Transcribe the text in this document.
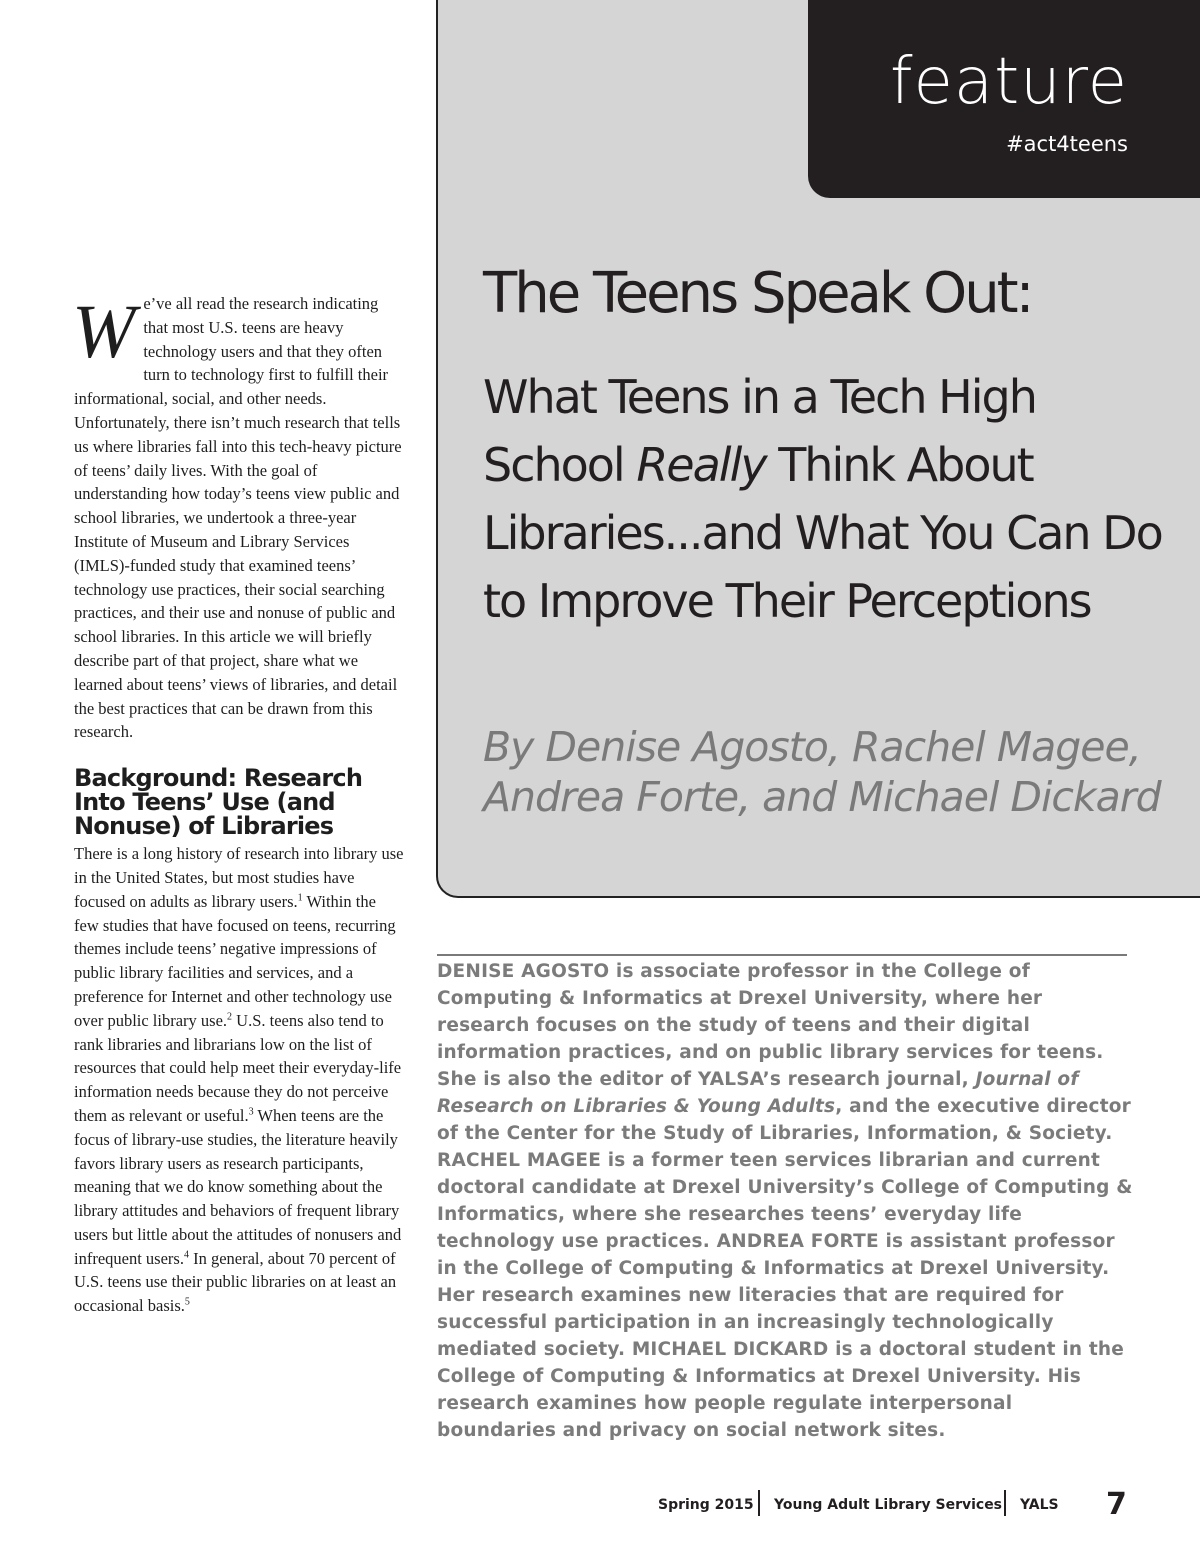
feature

#act4teens

The Teens Speak Out:
What Teens in a Tech High School Really Think About Libraries...and What You Can Do to Improve Their Perceptions

By Denise Agosto, Rachel Magee, Andrea Forte, and Michael Dickard

DENISE AGOSTO is associate professor in the College of Computing & Informatics at Drexel University, where her research focuses on the study of teens and their digital information practices, and on public library services for teens. She is also the editor of YALSA’s research journal, Journal of Research on Libraries & Young Adults, and the executive director of the Center for the Study of Libraries, Information, & Society. RACHEL MAGEE is a former teen services librarian and current doctoral candidate at Drexel University’s College of Computing & Informatics, where she researches teens’ everyday life technology use practices. ANDREA FORTE is assistant professor in the College of Computing & Informatics at Drexel University. Her research examines new literacies that are required for successful participation in an increasingly technologically mediated society. MICHAEL DICKARD is a doctoral student in the College of Computing & Informatics at Drexel University. His research examines how people regulate interpersonal boundaries and privacy on social network sites.

We’ve all read the research indicating that most U.S. teens are heavy technology users and that they often turn to technology first to fulfill their informational, social, and other needs. Unfortunately, there isn’t much research that tells us where libraries fall into this tech-heavy picture of teens’ daily lives. With the goal of understanding how today’s teens view public and school libraries, we undertook a three-year Institute of Museum and Library Services (IMLS)-funded study that examined teens’ technology use practices, their social searching practices, and their use and nonuse of public and school libraries. In this article we will briefly describe part of that project, share what we learned about teens’ views of libraries, and detail the best practices that can be drawn from this research.

Background: Research Into Teens’ Use (and Nonuse) of Libraries

There is a long history of research into library use in the United States, but most studies have focused on adults as library users.$^1$ Within the few studies that have focused on teens, recurring themes include teens’ negative impressions of public library facilities and services, and a preference for Internet and other technology use over public library use.$^2$ U.S. teens also tend to rank libraries and librarians low on the list of resources that could help meet their everyday-life information needs because they do not perceive them as relevant or useful.$^3$ When teens are the focus of library-use studies, the literature heavily favors library users as research participants, meaning that we do know something about the library attitudes and behaviors of frequent library users but little about the attitudes of nonusers and infrequent users.$^4$ In general, about 70 percent of U.S. teens use their public libraries on at least an occasional basis.$^5$

Spring 2015 Young Adult Library Services YALS 7
